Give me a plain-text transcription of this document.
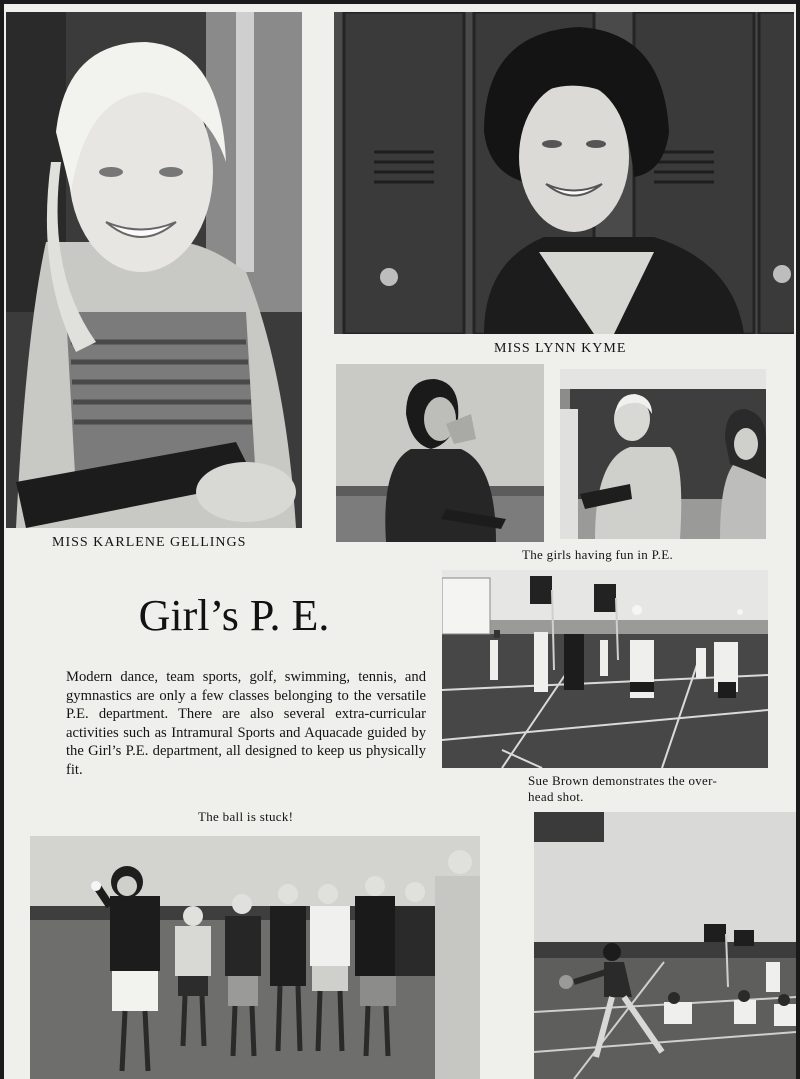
MISS LYNN KYME
The girls having fun in P.E.
MISS KARLENE GELLINGS
Girl’s P. E.
Modern dance, team sports, golf, swimming, tennis, and gymnastics are only a few classes belonging to the versatile P.E. department. There are also several extra-curricular activities such as Intramural Sports and Aquacade guided by the Girl’s P.E. department, all designed to keep us physically fit.
Sue Brown demonstrates the over-
head shot.
The ball is stuck!
